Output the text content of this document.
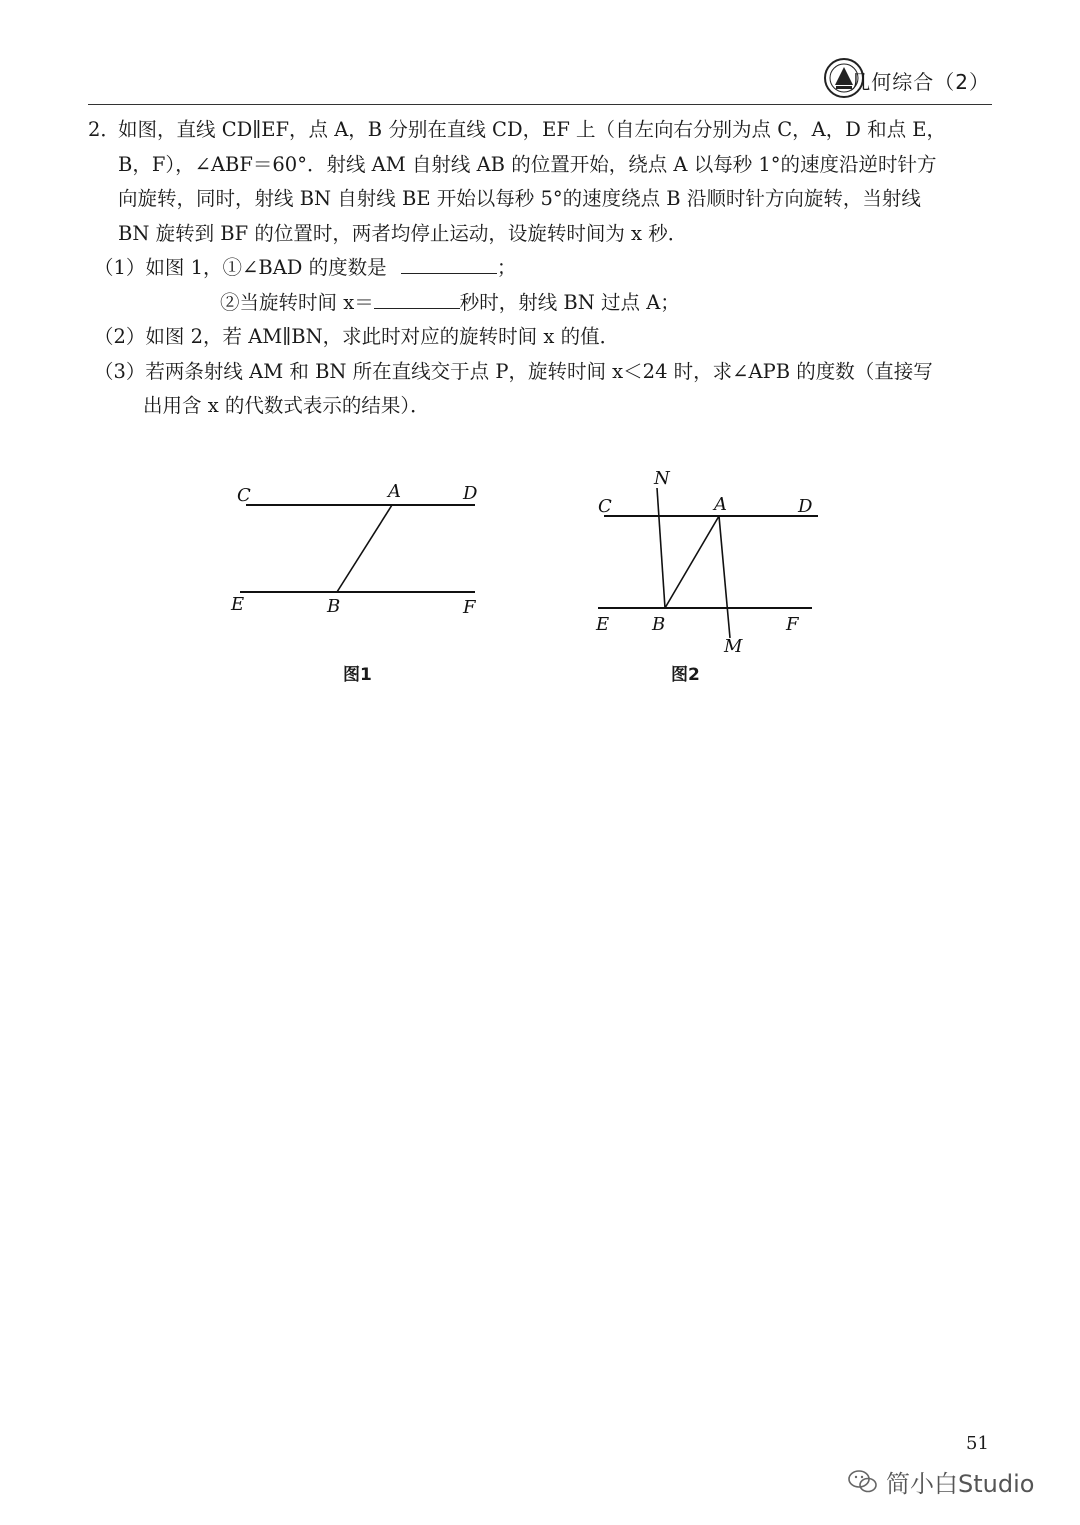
几何综合（2）
2．如图，直线 CD∥EF，点 A，B 分别在直线 CD，EF 上（自左向右分别为点 C，A，D 和点 E，
B，F），∠ABF＝60°．射线 AM 自射线 AB 的位置开始，绕点 A 以每秒 1°的速度沿逆时针方
向旋转，同时，射线 BN 自射线 BE 开始以每秒 5°的速度绕点 B 沿顺时针方向旋转，当射线
BN 旋转到 BF 的位置时，两者均停止运动，设旋转时间为 x 秒．
（1）如图 1，①∠BAD 的度数是	；
②当旋转时间 x＝	秒时，射线 BN 过点 A；
（2）如图 2，若 AM∥BN，求此时对应的旋转时间 x 的值．
（3）若两条射线 AM 和 BN 所在直线交于点 P，旋转时间 x＜24 时，求∠APB 的度数（直接写
出用含 x 的代数式表示的结果）．
C	A	D
E	B	F
图1
N
C	A	D
E B	F
M
图2
51
简小白Studio
